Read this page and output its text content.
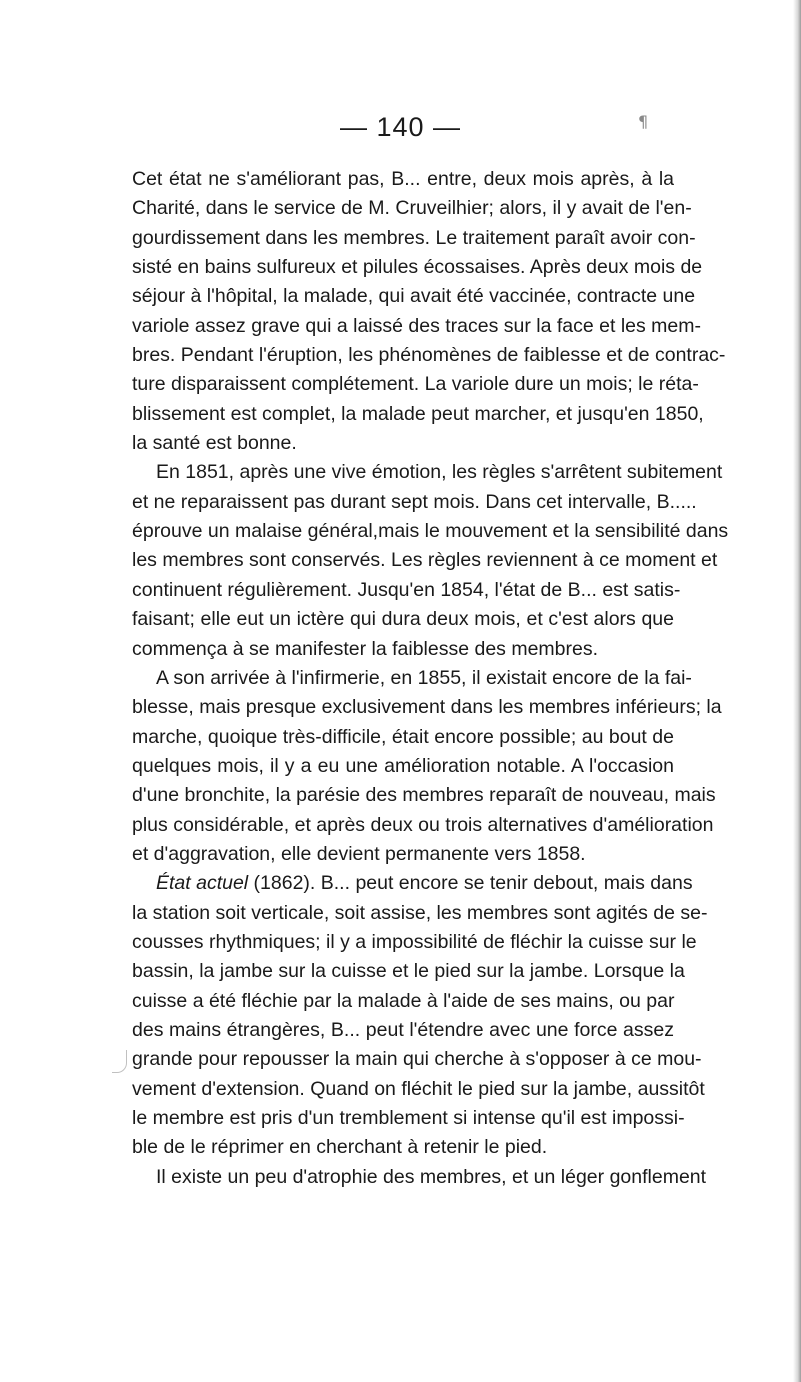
— 140 —	¶
Cet état ne s'améliorant pas, B... entre, deux mois après, à la
Charité, dans le service de M. Cruveilhier; alors, il y avait de l'en-
gourdissement dans les membres. Le traitement paraît avoir con-
sisté en bains sulfureux et pilules écossaises. Après deux mois de
séjour à l'hôpital, la malade, qui avait été vaccinée, contracte une
variole assez grave qui a laissé des traces sur la face et les mem-
bres. Pendant l'éruption, les phénomènes de faiblesse et de contrac-
ture disparaissent complétement. La variole dure un mois; le réta-
blissement est complet, la malade peut marcher, et jusqu'en 1850,
la santé est bonne.
En 1851, après une vive émotion, les règles s'arrêtent subitement
et ne reparaissent pas durant sept mois. Dans cet intervalle, B.....
éprouve un malaise général,mais le mouvement et la sensibilité dans
les membres sont conservés. Les règles reviennent à ce moment et
continuent régulièrement. Jusqu'en 1854, l'état de B... est satis-
faisant; elle eut un ictère qui dura deux mois, et c'est alors que
commença à se manifester la faiblesse des membres.
A son arrivée à l'infirmerie, en 1855, il existait encore de la fai-
blesse, mais presque exclusivement dans les membres inférieurs; la
marche, quoique très-difficile, était encore possible; au bout de
quelques mois, il y a eu une amélioration notable. A l'occasion
d'une bronchite, la parésie des membres reparaît de nouveau, mais
plus considérable, et après deux ou trois alternatives d'amélioration
et d'aggravation, elle devient permanente vers 1858.
État actuel (1862). B... peut encore se tenir debout, mais dans
la station soit verticale, soit assise, les membres sont agités de se-
cousses rhythmiques; il y a impossibilité de fléchir la cuisse sur le
bassin, la jambe sur la cuisse et le pied sur la jambe. Lorsque la
cuisse a été fléchie par la malade à l'aide de ses mains, ou par
des mains étrangères, B... peut l'étendre avec une force assez
grande pour repousser la main qui cherche à s'opposer à ce mou-
vement d'extension. Quand on fléchit le pied sur la jambe, aussitôt
le membre est pris d'un tremblement si intense qu'il est impossi-
ble de le réprimer en cherchant à retenir le pied.
Il existe un peu d'atrophie des membres, et un léger gonflement
